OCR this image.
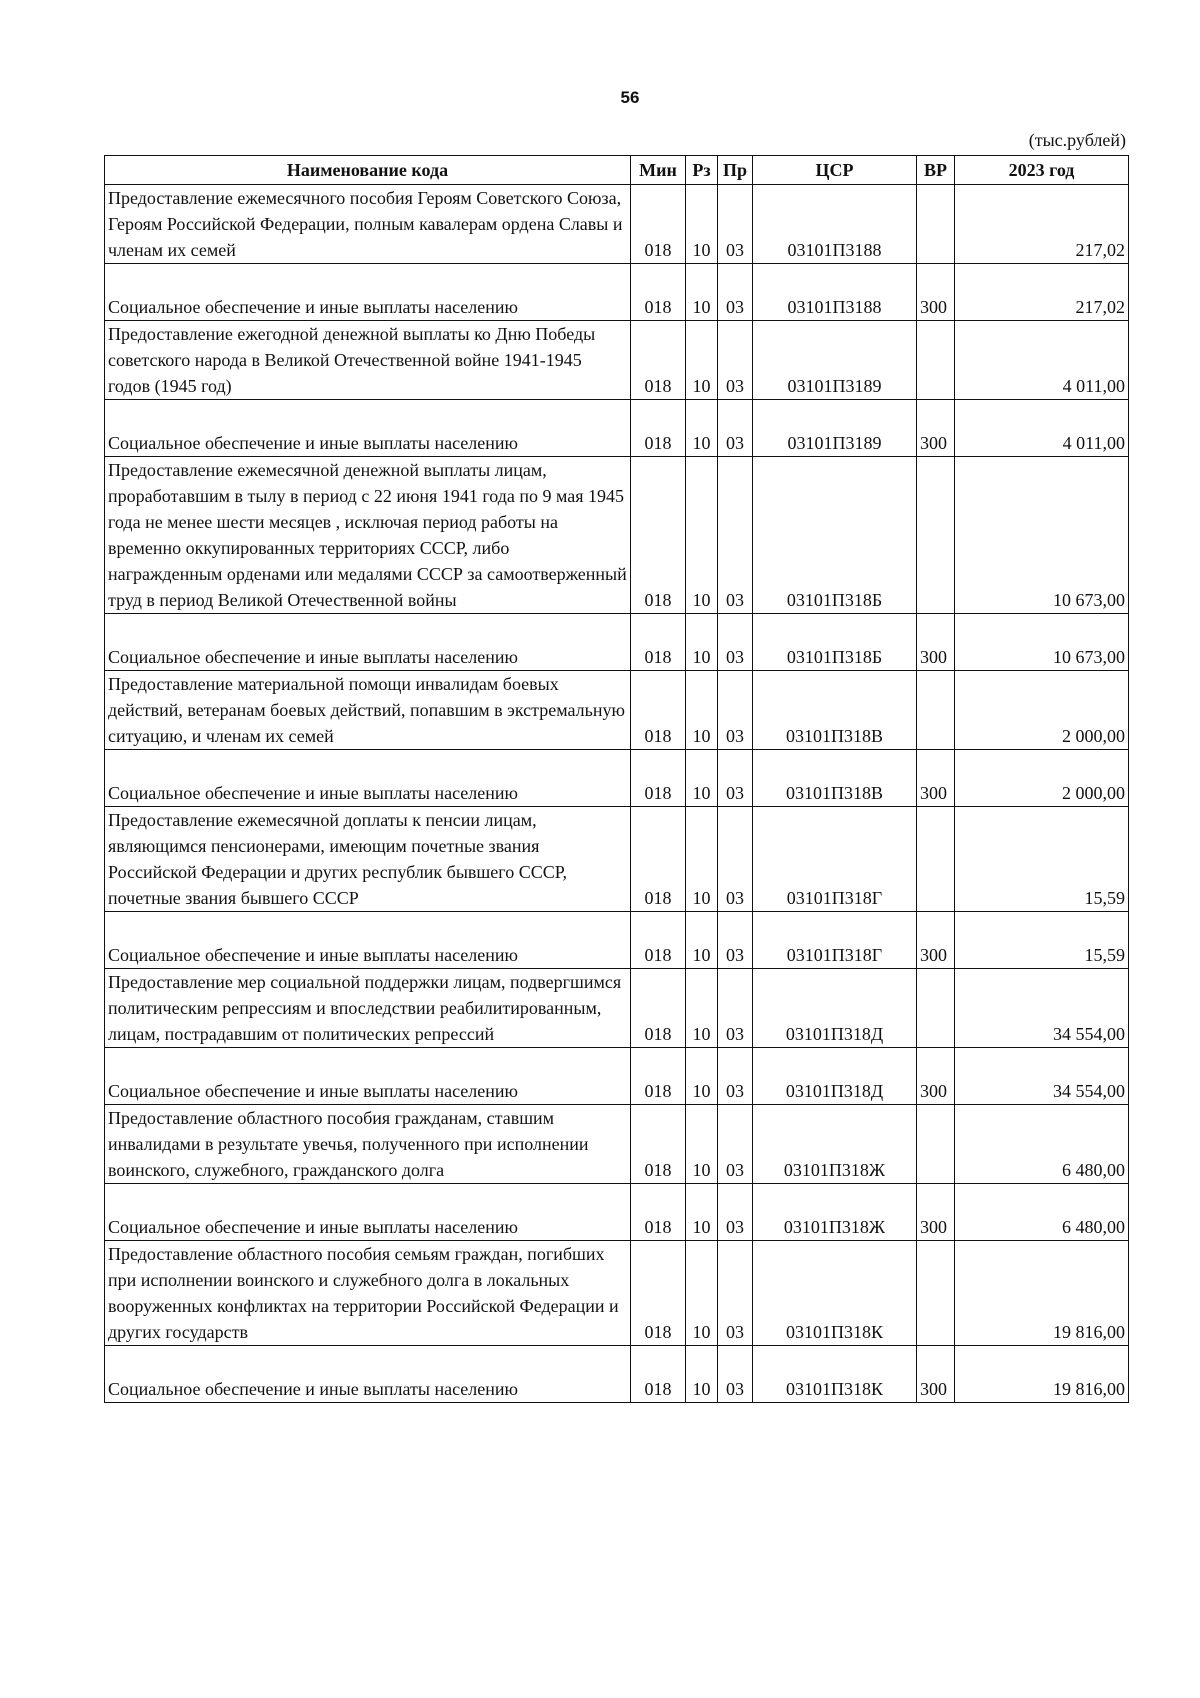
56
(тыс.рублей)
Наименование кода	Мин	Рз	Пр	ЦСР	ВР	2023 год
Предоставление ежемесячного пособия Героям Советского Союза, Героям Российской Федерации, полным кавалерам ордена Славы и членам их семей	018	10	03	03101П3188		217,02
Социальное обеспечение и иные выплаты населению	018	10	03	03101П3188	300	217,02
Предоставление ежегодной денежной выплаты ко Дню Победы советского народа в Великой Отечественной войне 1941-1945 годов (1945 год)	018	10	03	03101П3189		4 011,00
Социальное обеспечение и иные выплаты населению	018	10	03	03101П3189	300	4 011,00
Предоставление ежемесячной денежной выплаты лицам, проработавшим в тылу в период с 22 июня 1941 года по 9 мая 1945 года не менее шести месяцев , исключая период работы на временно оккупированных территориях СССР, либо награжденным орденами или медалями СССР за самоотверженный труд в период Великой Отечественной войны	018	10	03	03101П318Б		10 673,00
Социальное обеспечение и иные выплаты населению	018	10	03	03101П318Б	300	10 673,00
Предоставление материальной помощи инвалидам боевых действий, ветеранам боевых действий, попавшим в экстремальную ситуацию, и членам их семей	018	10	03	03101П318В		2 000,00
Социальное обеспечение и иные выплаты населению	018	10	03	03101П318В	300	2 000,00
Предоставление ежемесячной доплаты к пенсии лицам, являющимся пенсионерами, имеющим почетные звания Российской Федерации и других республик бывшего СССР, почетные звания бывшего СССР	018	10	03	03101П318Г		15,59
Социальное обеспечение и иные выплаты населению	018	10	03	03101П318Г	300	15,59
Предоставление мер социальной поддержки лицам, подвергшимся политическим репрессиям и впоследствии реабилитированным, лицам, пострадавшим от политических репрессий	018	10	03	03101П318Д		34 554,00
Социальное обеспечение и иные выплаты населению	018	10	03	03101П318Д	300	34 554,00
Предоставление областного пособия гражданам, ставшим инвалидами в результате увечья, полученного при исполнении воинского, служебного, гражданского долга	018	10	03	03101П318Ж		6 480,00
Социальное обеспечение и иные выплаты населению	018	10	03	03101П318Ж	300	6 480,00
Предоставление областного пособия семьям граждан, погибших при исполнении воинского и служебного долга в локальных вооруженных конфликтах на территории Российской Федерации и других государств	018	10	03	03101П318К		19 816,00
Социальное обеспечение и иные выплаты населению	018	10	03	03101П318К	300	19 816,00
